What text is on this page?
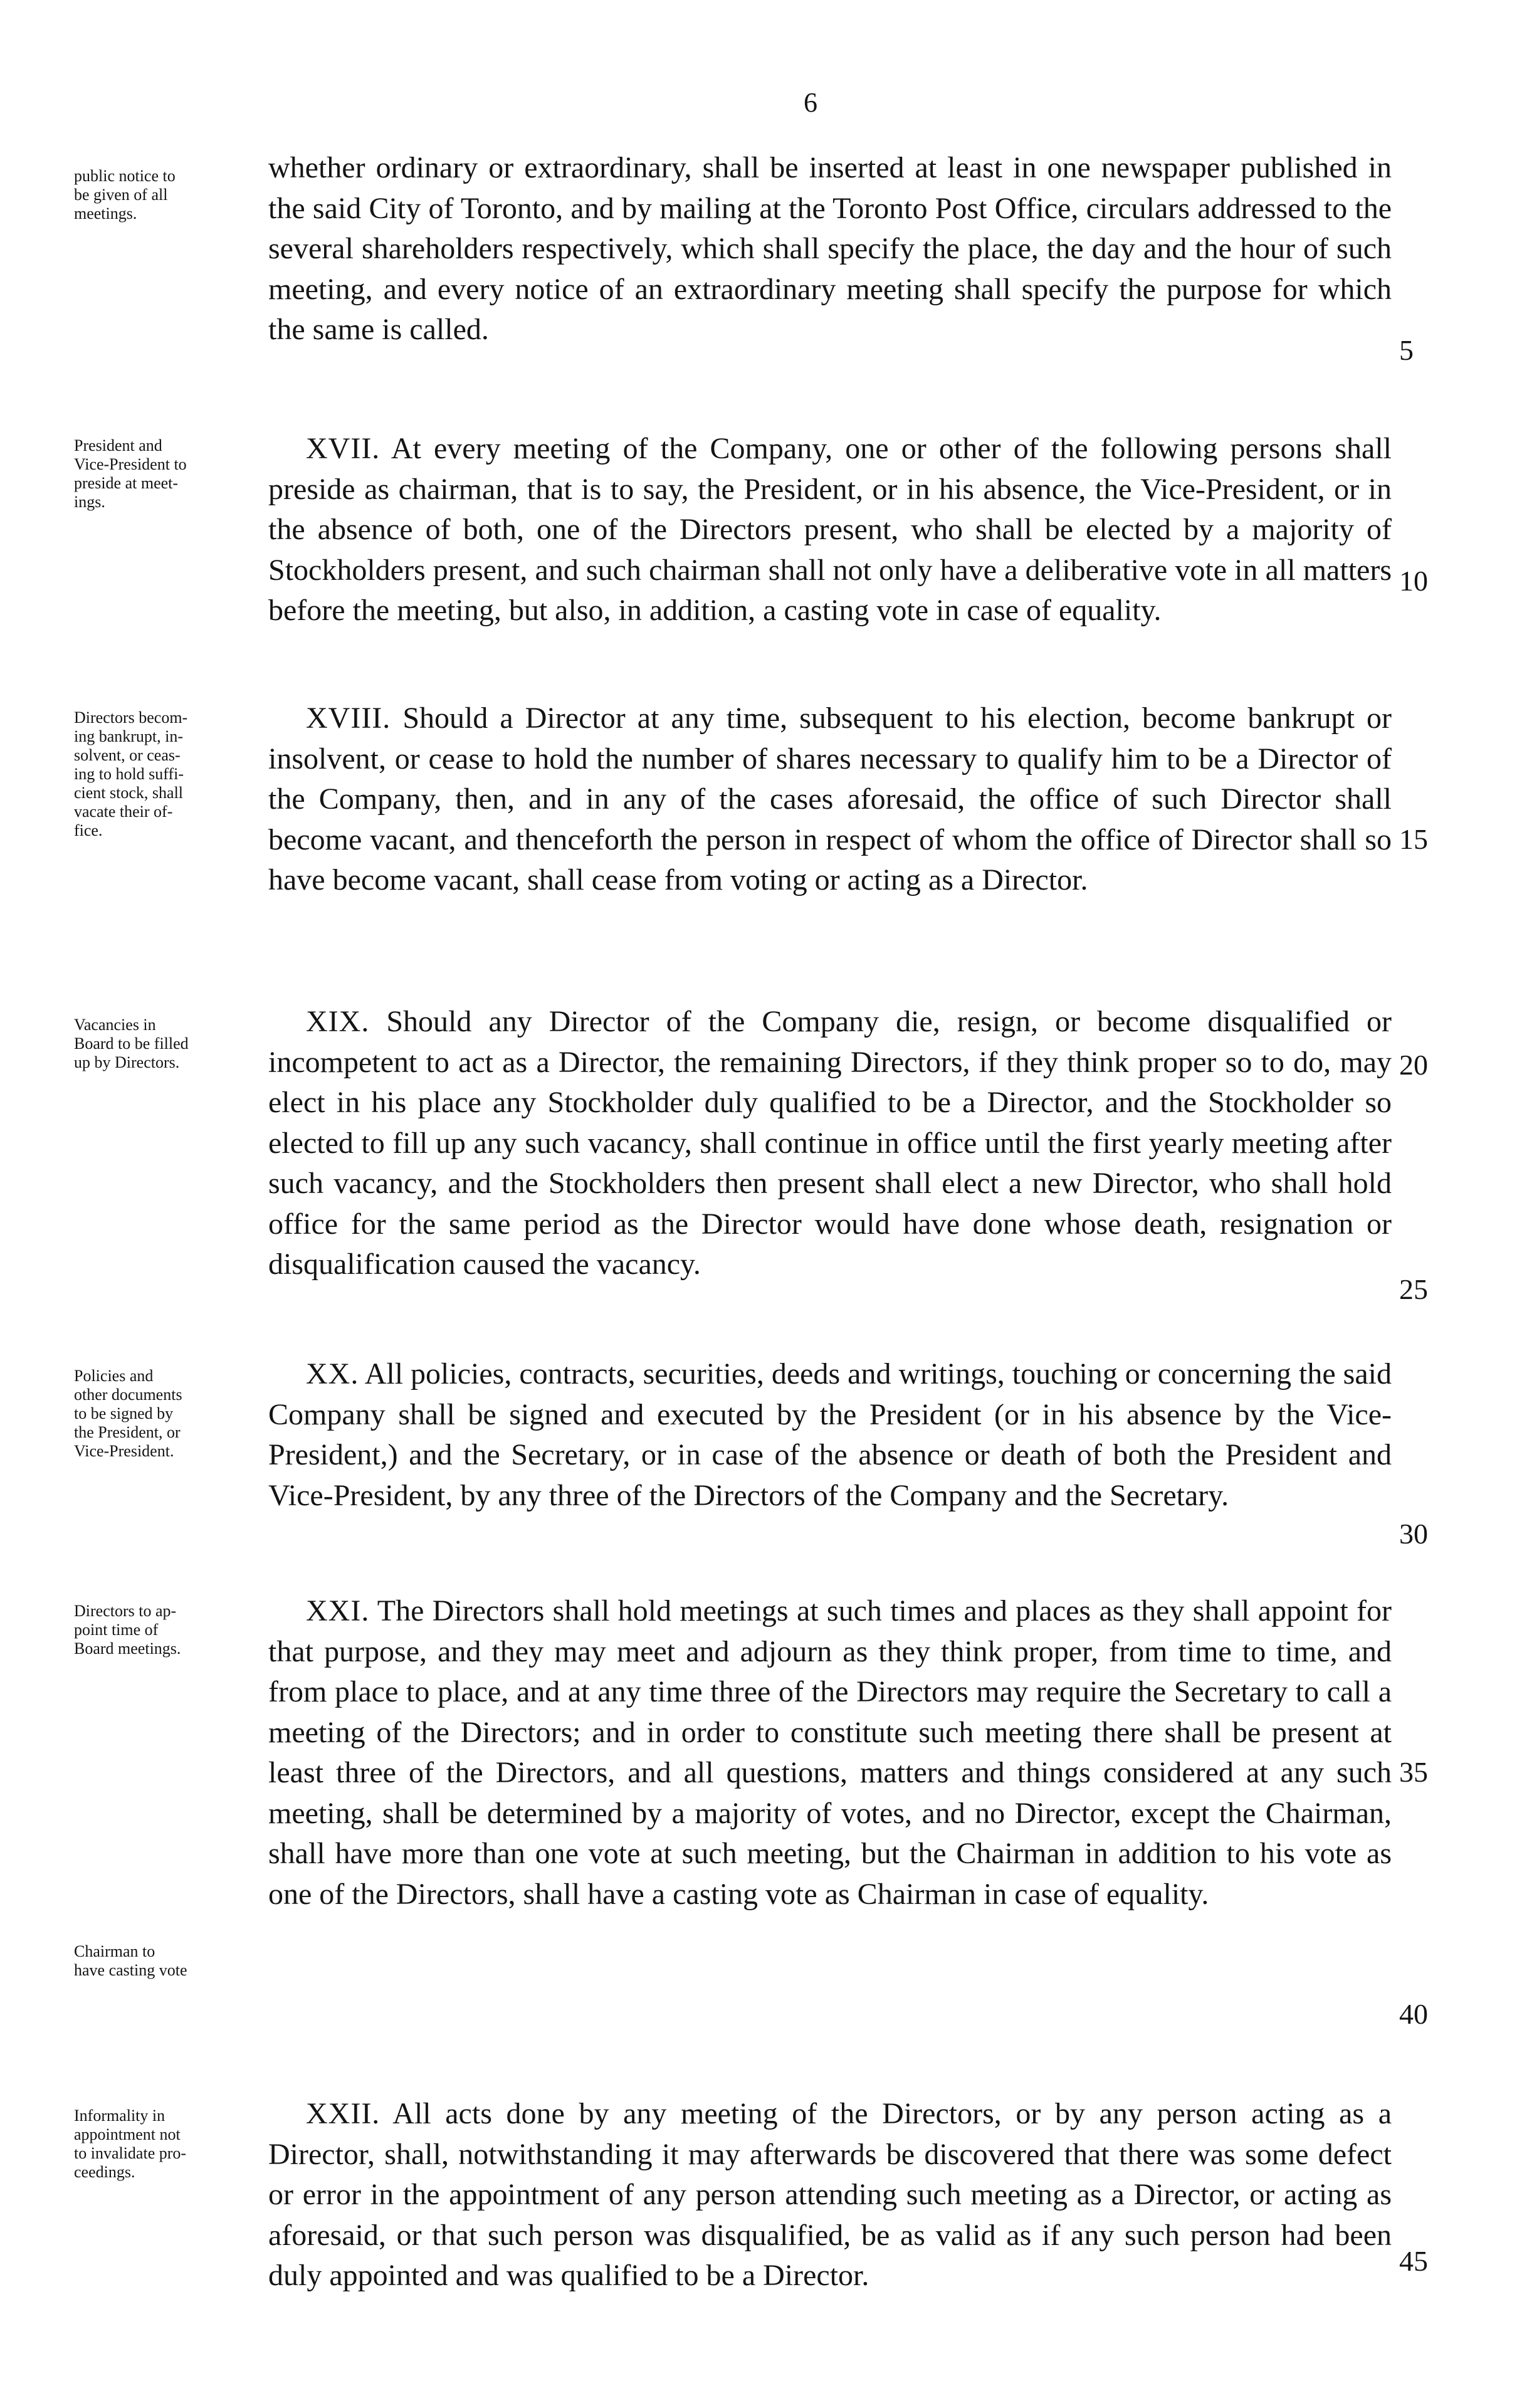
6
public notice to
be given of all
meetings.
whether ordinary or extraordinary, shall be inserted at least in one newspaper published in the said City of Toronto, and by mailing at the Toronto Post Office, circulars addressed to the several shareholders respectively, which shall specify the place, the day and the hour of such meeting, and every notice of an extraordinary meeting shall specify the purpose for which the same is called.
President and
Vice-President to
preside at meet-
ings.
XVII. At every meeting of the Company, one or other of the following persons shall preside as chairman, that is to say, the President, or in his absence, the Vice-President, or in the absence of both, one of the Directors present, who shall be elected by a majority of Stockholders present, and such chairman shall not only have a deliberative vote in all matters before the meeting, but also, in addition, a casting vote in case of equality.
Directors becom-
ing bankrupt, in-
solvent, or ceas-
ing to hold suffi-
cient stock, shall
vacate their of-
fice.
XVIII. Should a Director at any time, subsequent to his election, become bankrupt or insolvent, or cease to hold the number of shares necessary to qualify him to be a Director of the Company, then, and in any of the cases aforesaid, the office of such Director shall become vacant, and thenceforth the person in respect of whom the office of Director shall so have become vacant, shall cease from voting or acting as a Director.
Vacancies in
Board to be filled
up by Directors.
XIX. Should any Director of the Company die, resign, or become disqualified or incompetent to act as a Director, the remaining Directors, if they think proper so to do, may elect in his place any Stockholder duly qualified to be a Director, and the Stockholder so elected to fill up any such vacancy, shall continue in office until the first yearly meeting after such vacancy, and the Stockholders then present shall elect a new Director, who shall hold office for the same period as the Director would have done whose death, resignation or disqualification caused the vacancy.
Policies and
other documents
to be signed by
the President, or
Vice-President.
XX. All policies, contracts, securities, deeds and writings, touching or concerning the said Company shall be signed and executed by the President (or in his absence by the Vice-President,) and the Secretary, or in case of the absence or death of both the President and Vice-President, by any three of the Directors of the Company and the Secretary.
Directors to ap-
point time of
Board meetings.
XXI. The Directors shall hold meetings at such times and places as they shall appoint for that purpose, and they may meet and adjourn as they think proper, from time to time, and from place to place, and at any time three of the Directors may require the Secretary to call a meeting of the Directors; and in order to constitute such meeting there shall be present at least three of the Directors, and all questions, matters and things considered at any such meeting, shall be determined by a majority of votes, and no Director, except the Chairman, shall have more than one vote at such meeting, but the Chairman in addition to his vote as one of the Directors, shall have a casting vote as Chairman in case of equality.
Chairman to
have casting vote
Informality in
appointment not
to invalidate pro-
ceedings.
XXII. All acts done by any meeting of the Directors, or by any person acting as a Director, shall, notwithstanding it may afterwards be discovered that there was some defect or error in the appointment of any person attending such meeting as a Director, or acting as aforesaid, or that such person was disqualified, be as valid as if any such person had been duly appointed and was qualified to be a Director.
5
10
15
20
25
30
35
40
45
